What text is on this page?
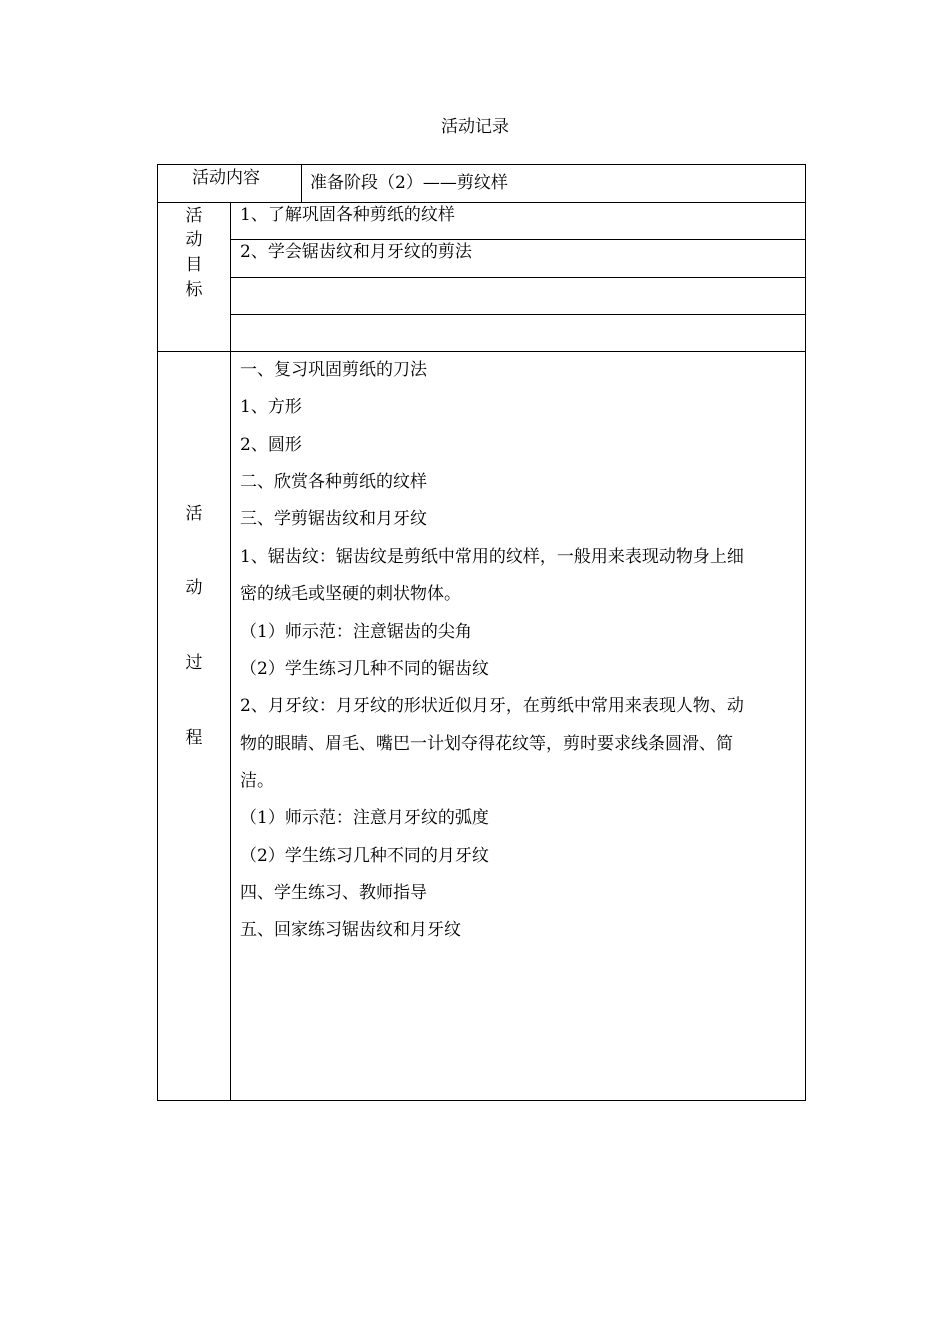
活动记录
活动内容	准备阶段（2）——剪纹样
活
动
目
标
1、了解巩固各种剪纸的纹样
2、学会锯齿纹和月牙纹的剪法
活
动
过
程
一、复习巩固剪纸的刀法
1、方形
2、圆形
二、欣赏各种剪纸的纹样
三、学剪锯齿纹和月牙纹
1、锯齿纹：锯齿纹是剪纸中常用的纹样，一般用来表现动物身上细
密的绒毛或坚硬的刺状物体。
（1）师示范：注意锯齿的尖角
（2）学生练习几种不同的锯齿纹
2、月牙纹：月牙纹的形状近似月牙，在剪纸中常用来表现人物、动
物的眼睛、眉毛、嘴巴一计划夺得花纹等，剪时要求线条圆滑、简
洁。
（1）师示范：注意月牙纹的弧度
（2）学生练习几种不同的月牙纹
四、学生练习、教师指导
五、回家练习锯齿纹和月牙纹
